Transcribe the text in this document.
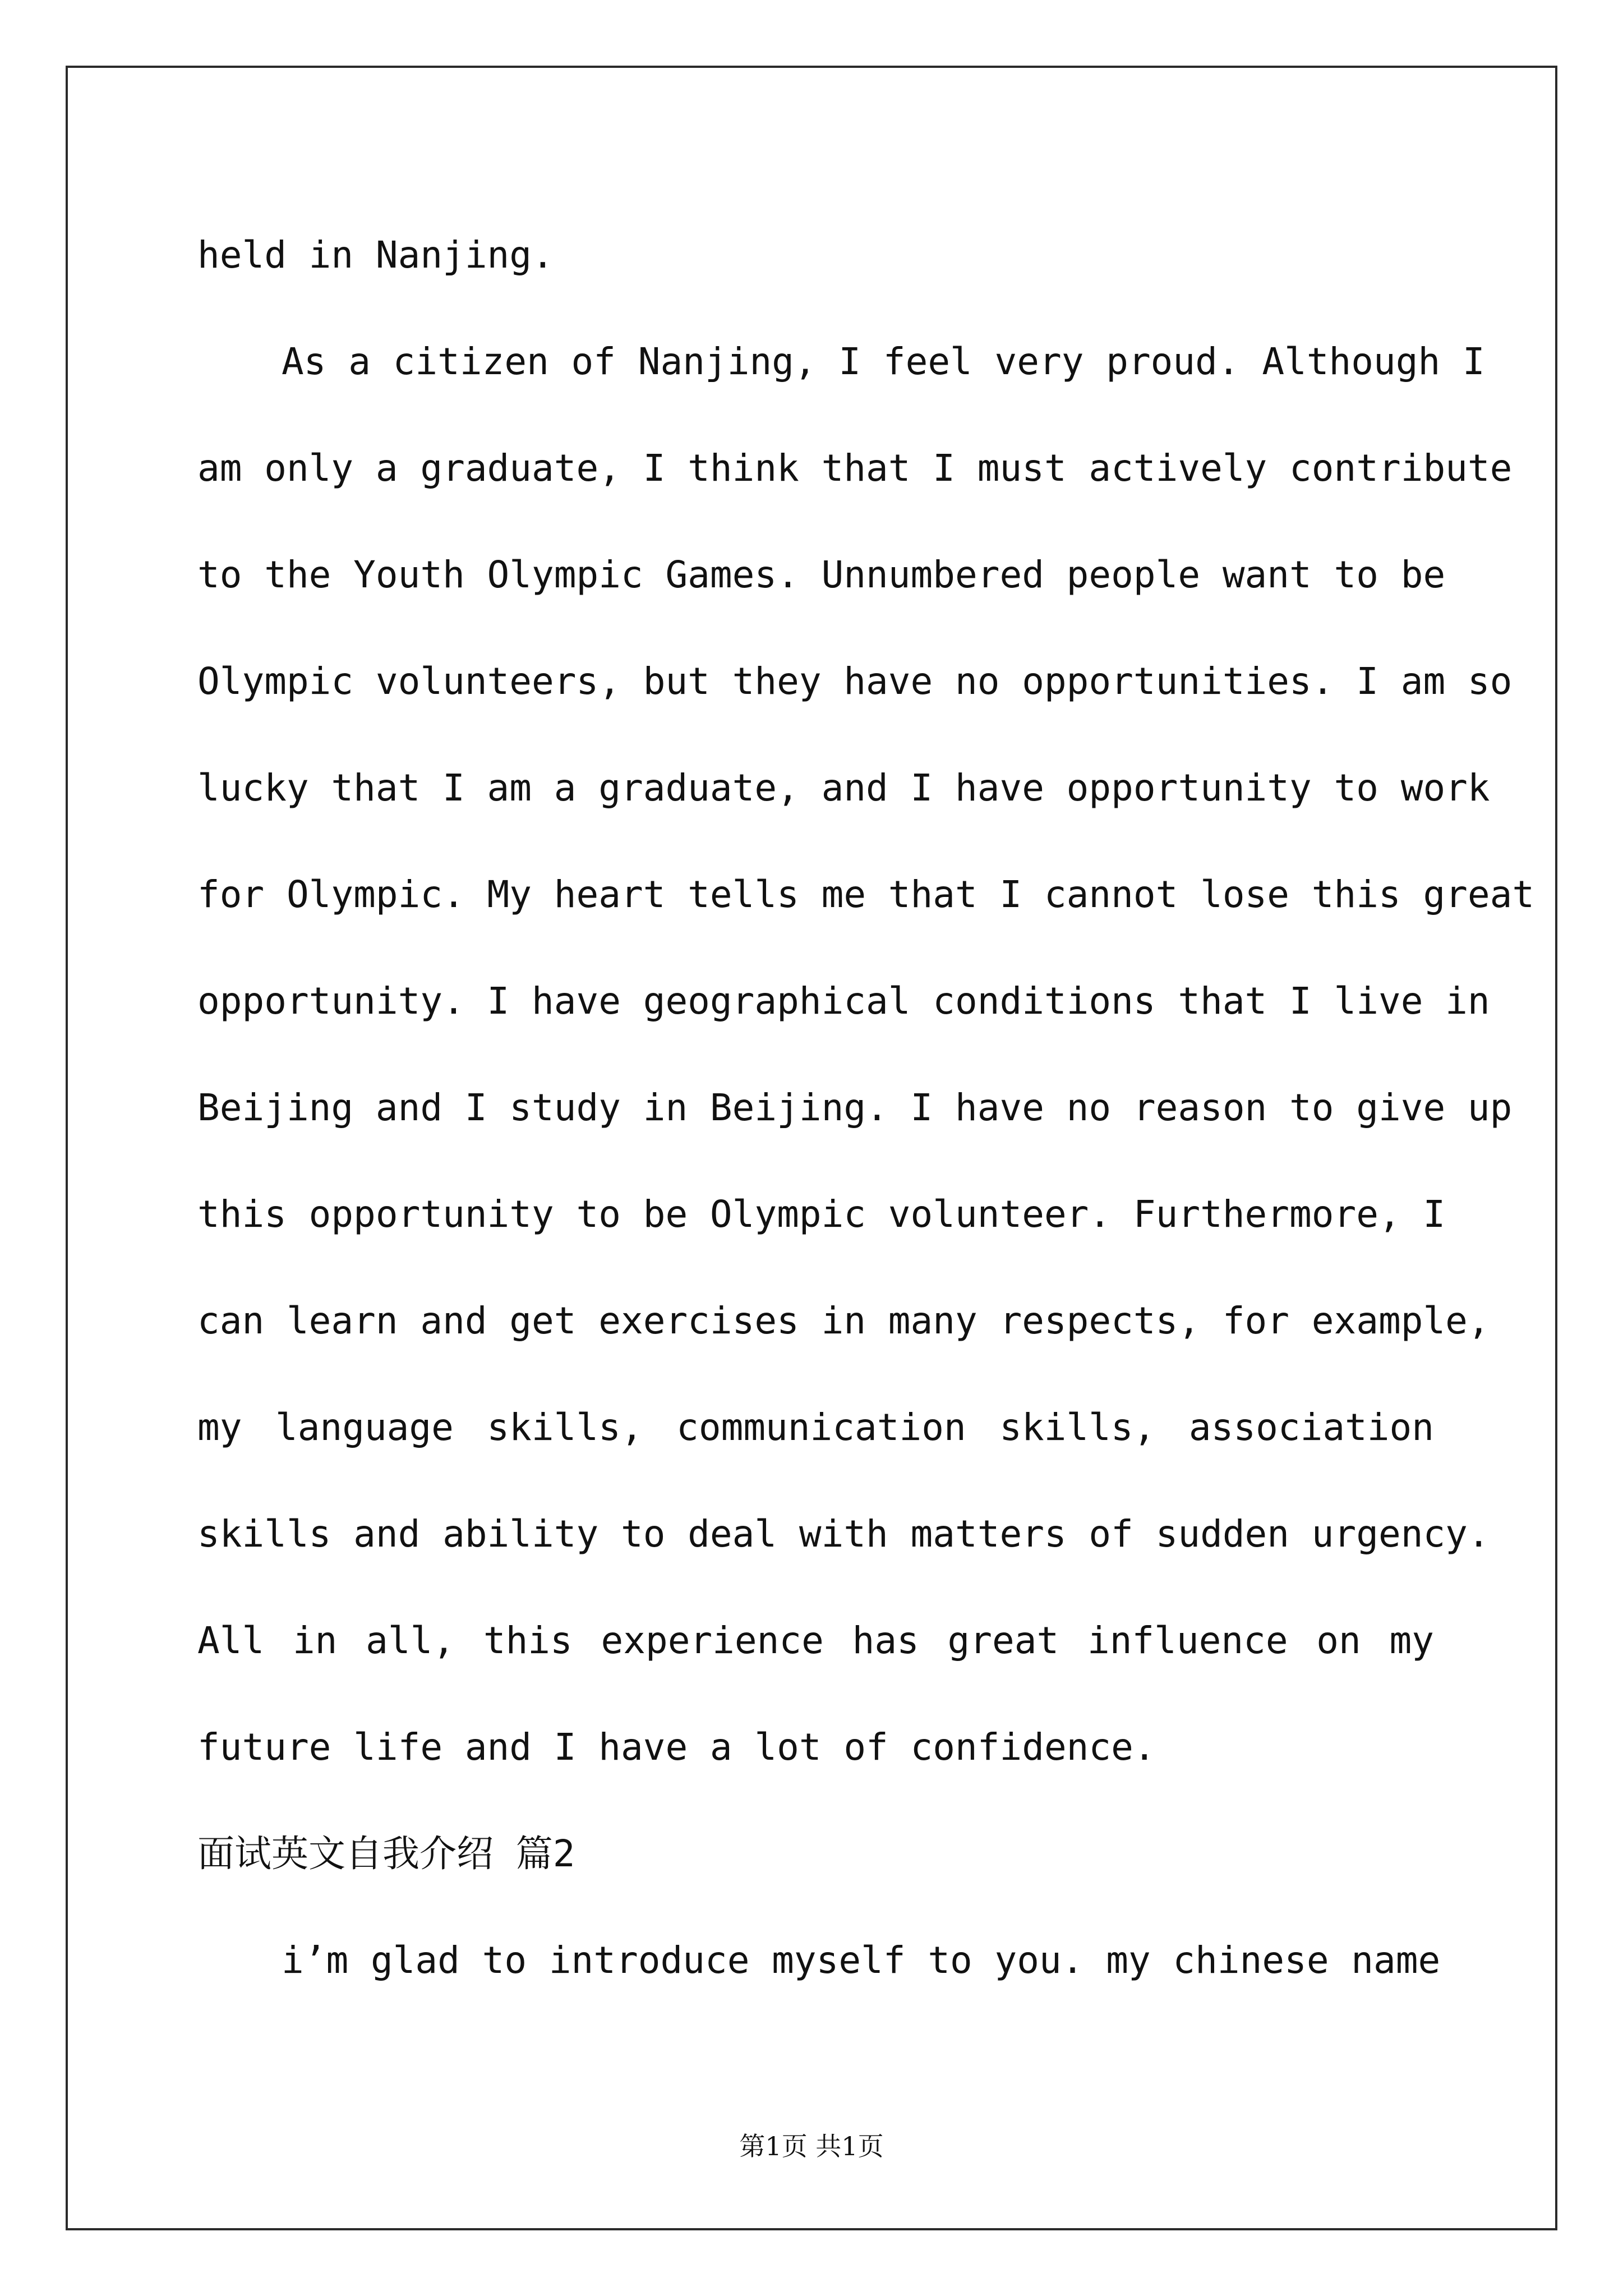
held in Nanjing.
As a citizen of Nanjing, I feel very proud. Although I
am only a graduate, I think that I must actively contribute
to the Youth Olympic Games. Unnumbered people want to be
Olympic volunteers, but they have no opportunities. I am so
lucky that I am a graduate, and I have opportunity to work
for Olympic. My heart tells me that I cannot lose this great
opportunity. I have geographical conditions that I live in
Beijing and I study in Beijing. I have no reason to give up
this opportunity to be Olympic volunteer. Furthermore, I
can learn and get exercises in many respects, for example,
my language skills, communication skills, association
skills and ability to deal with matters of sudden urgency.
All in all, this experience has great influence on my
future life and I have a lot of confidence.
面试英文自我介绍 篇2
i’m glad to introduce myself to you. my chinese name
第1页 共1页
